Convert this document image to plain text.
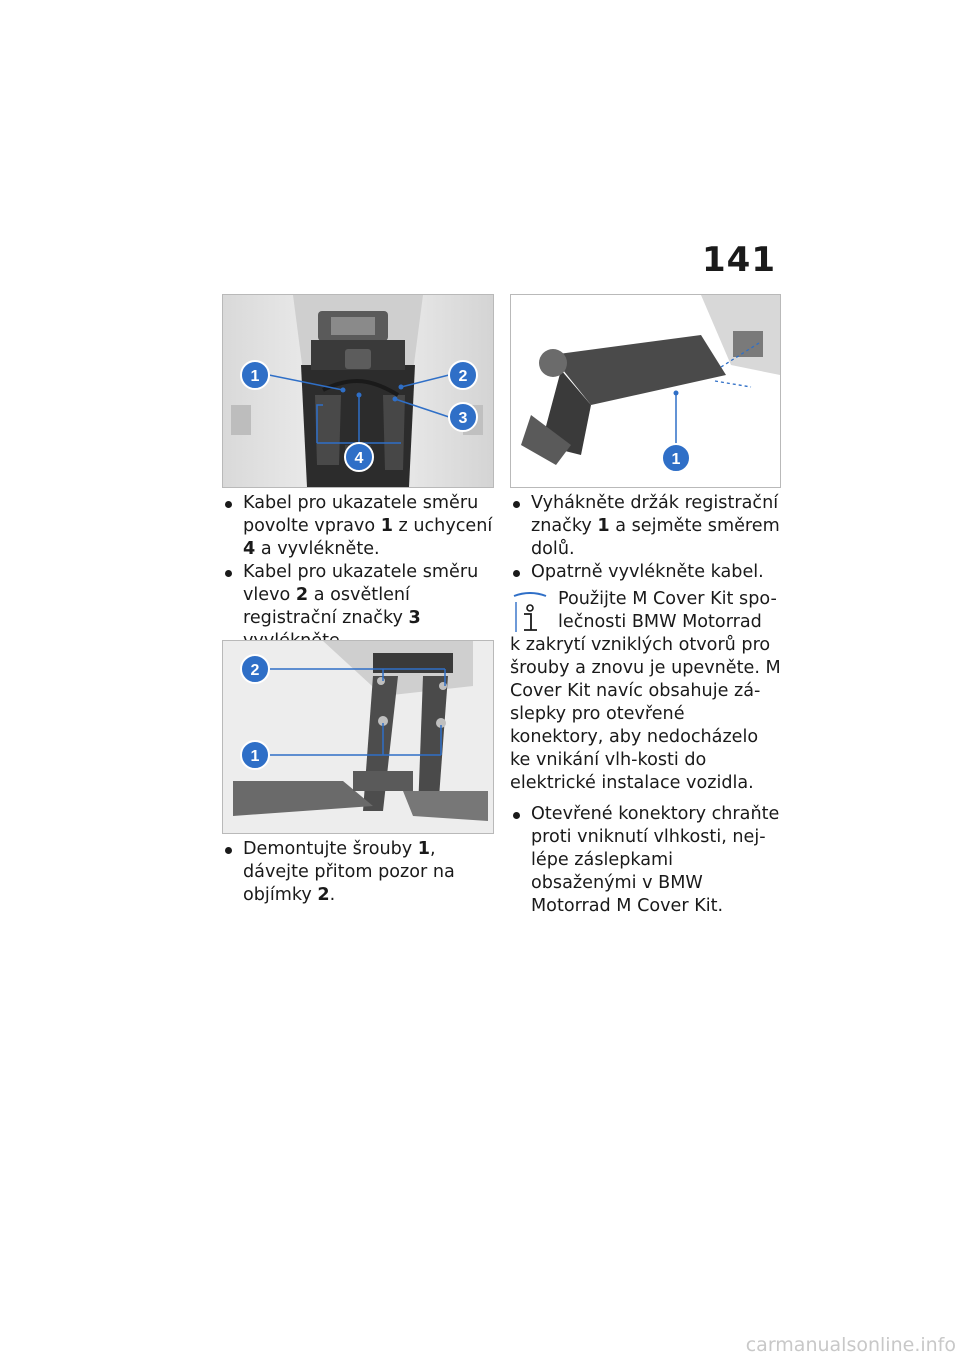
141
1	2
3
4	1

Kabel pro ukazatele směru povolte vpravo 1 z uchycení 4 a vyvlékněte.

Kabel pro ukazatele směru vlevo 2 a osvětlení registrační značky 3

2
1

Demontujte šrouby 1, dávejte přitom pozor na objímky 2.

Vyhákněte držák registrační značky 1 a sejměte směrem dolů.

Opatrně vyvlékněte kabel.

Použijte M Cover Kit spo-

lečnosti BMW Motorrad

k zakrytí vzniklých otvorů pro šrouby a znovu je upevněte. M Cover Kit navíc obsahuje zá-slepky pro otevřené konektory, aby nedocházelo ke vnikání vlh-kosti do elektrické instalace vozidla.

Otevřené konektory chraňte proti vniknutí vlhkosti, nej-lépe záslepkami obsaženými v BMW Motorrad M Cover Kit.

carmanualsonline.info
